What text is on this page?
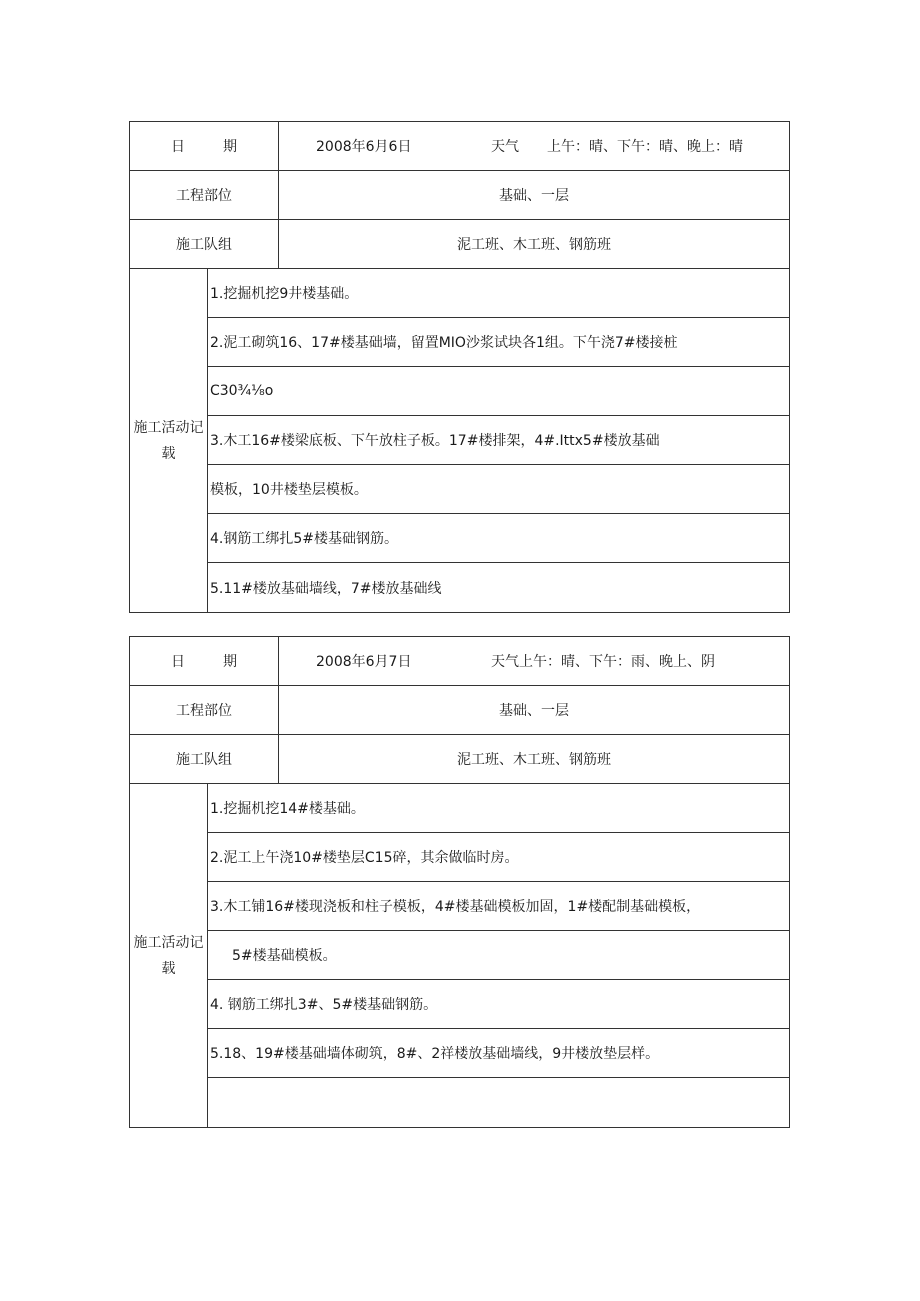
日	期	2008年6月6日	天气 上午：晴、下午：晴、晚上：晴
工程部位	基础、一层
施工队组	泥工班、木工班、钢筋班
施工活动记载
1.挖掘机挖9井楼基础。
2.泥工砌筑16、17#楼基础墙，留置MIO沙浆试块各1组。下午浇7#楼接桩
C30¾⅛o
3.木工16#楼梁底板、下午放柱子板。17#楼排架，4#.Ittx5#楼放基础
模板，10井楼垫层模板。
4.钢筋工绑扎5#楼基础钢筋。
5.11#楼放基础墙线，7#楼放基础线
日	期	2008年6月7日	天气 上午：晴、下午：雨、晚上、阴
工程部位	基础、一层
施工队组	泥工班、木工班、钢筋班
施工活动记载
1.挖掘机挖14#楼基础。
2.泥工上午浇10#楼垫层C15碎，其余做临时房。
3.木工铺16#楼现浇板和柱子模板，4#楼基础模板加固，1#楼配制基础模板，
5#楼基础模板。
4. 钢筋工绑扎3#、5#楼基础钢筋。
5.18、19#楼基础墙体砌筑，8#、2祥楼放基础墙线，9井楼放垫层样。
